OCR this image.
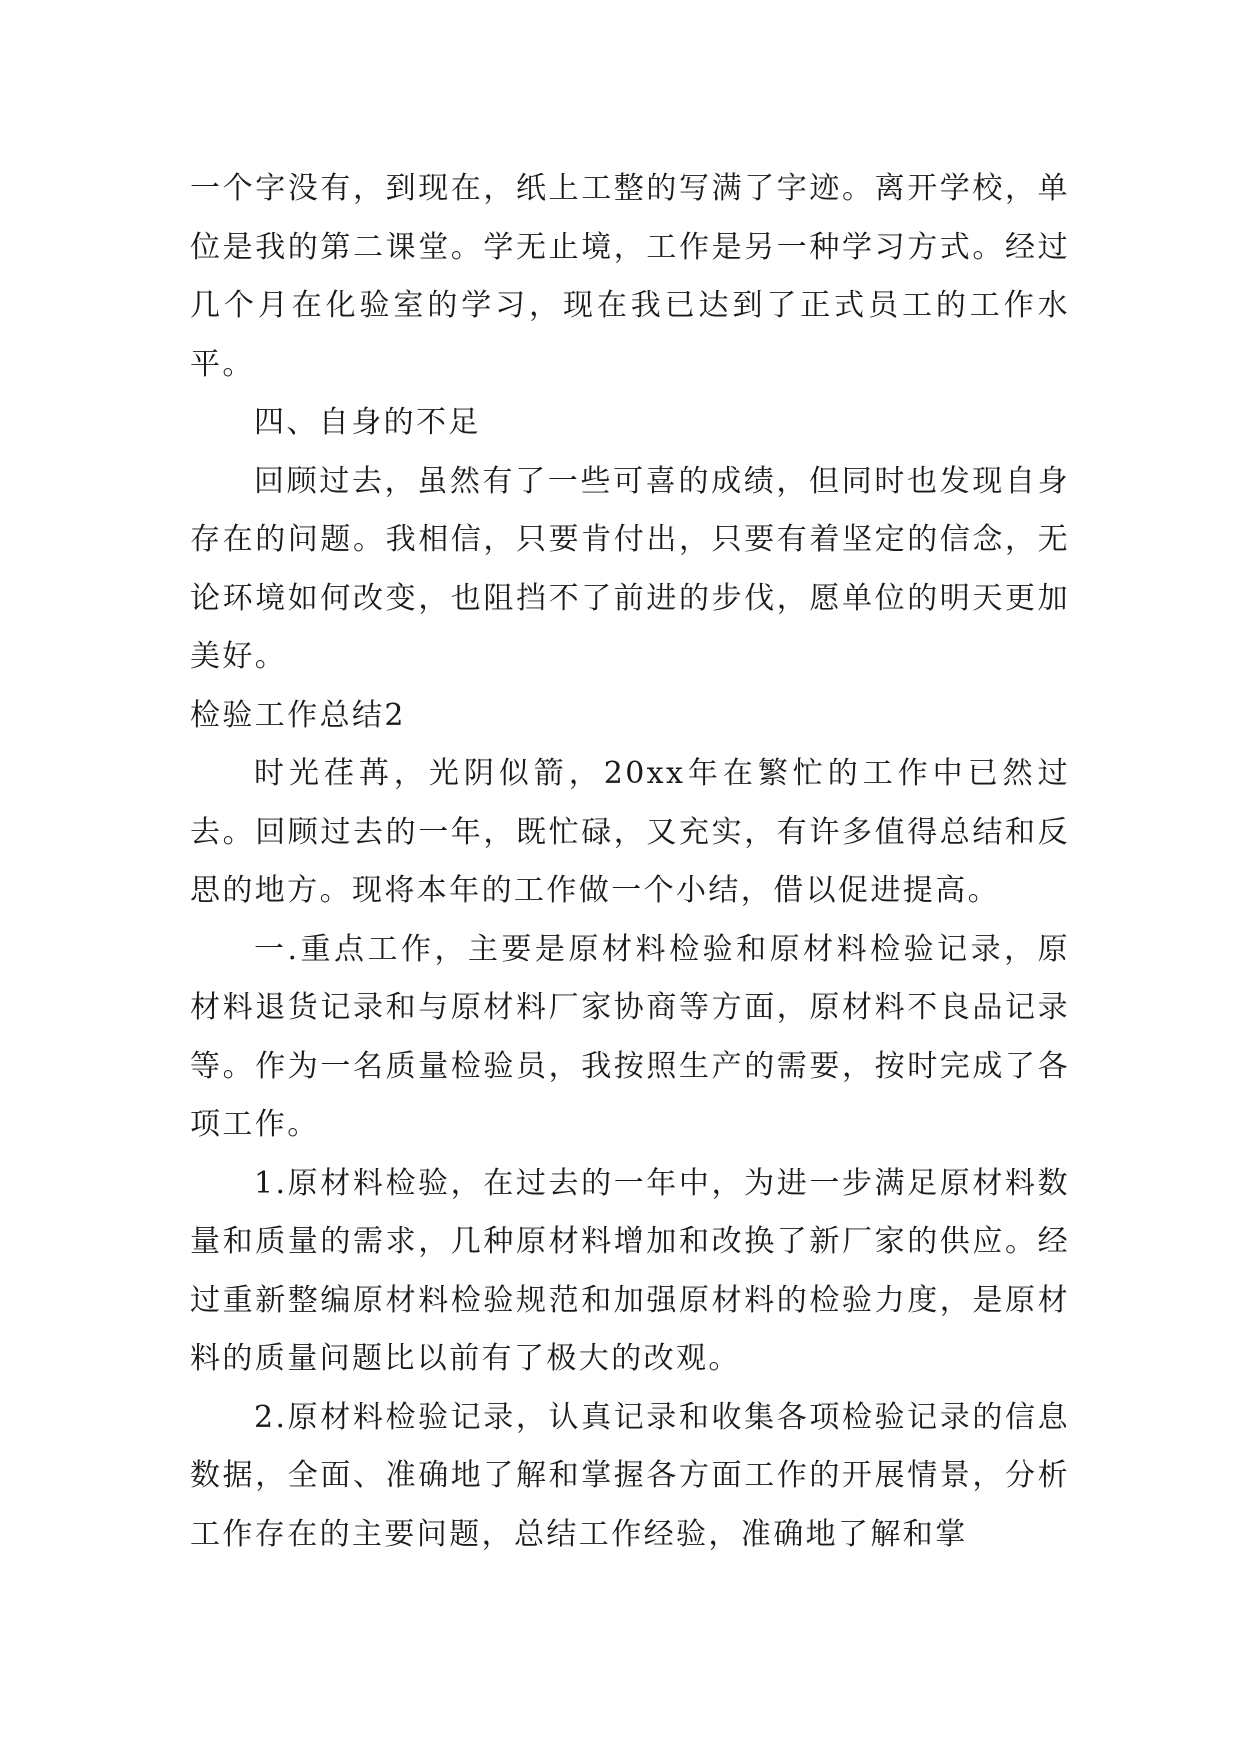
一个字没有，到现在，纸上工整的写满了字迹。离开学校，单位是我的第二课堂。学无止境，工作是另一种学习方式。经过几个月在化验室的学习，现在我已达到了正式员工的工作水平。

四、自身的不足

回顾过去，虽然有了一些可喜的成绩，但同时也发现自身存在的问题。我相信，只要肯付出，只要有着坚定的信念，无论环境如何改变，也阻挡不了前进的步伐，愿单位的明天更加美好。

检验工作总结2

时光荏苒，光阴似箭，20xx年在繁忙的工作中已然过去。回顾过去的一年，既忙碌，又充实，有许多值得总结和反思的地方。现将本年的工作做一个小结，借以促进提高。

一.重点工作，主要是原材料检验和原材料检验记录，原材料退货记录和与原材料厂家协商等方面，原材料不良品记录等。作为一名质量检验员，我按照生产的需要，按时完成了各项工作。

1.原材料检验，在过去的一年中，为进一步满足原材料数量和质量的需求，几种原材料增加和改换了新厂家的供应。经过重新整编原材料检验规范和加强原材料的检验力度，是原材料的质量问题比以前有了极大的改观。

2.原材料检验记录，认真记录和收集各项检验记录的信息数据，全面、准确地了解和掌握各方面工作的开展情景，分析工作存在的主要问题，总结工作经验，准确地了解和掌
